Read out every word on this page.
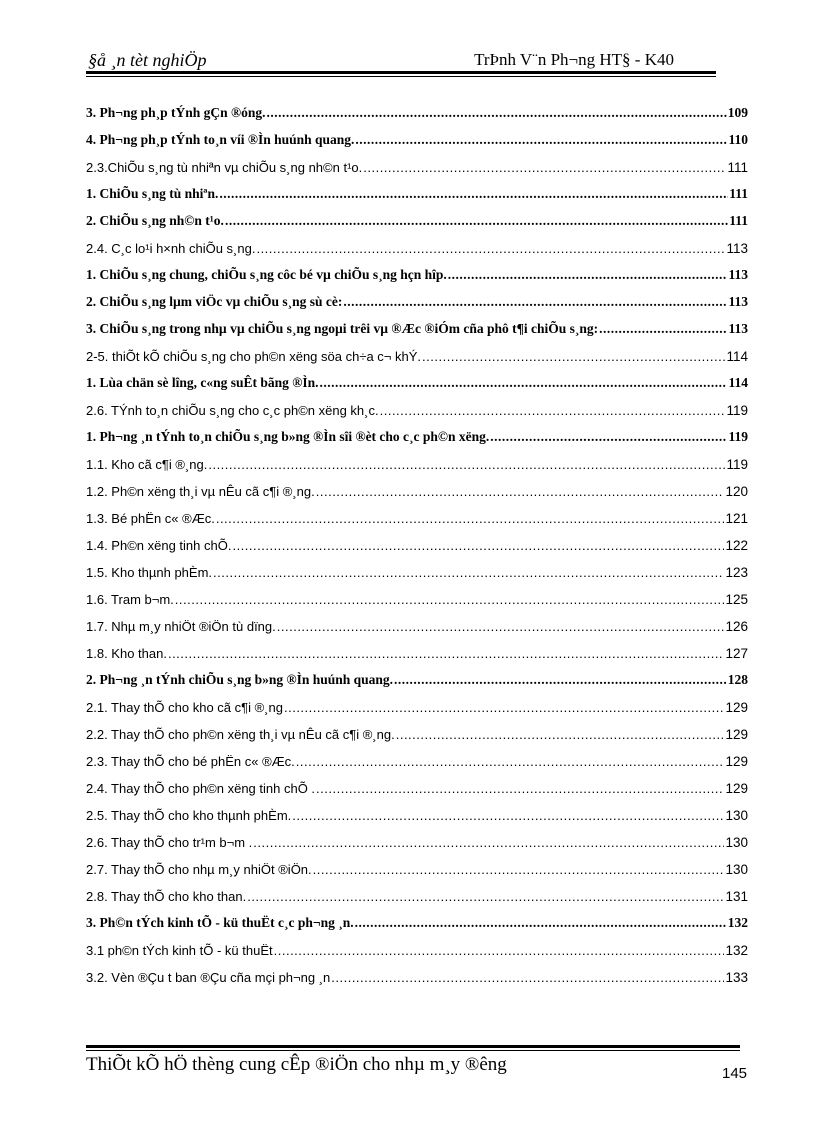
§å ¸n tèt nghiÖp	TrÞnh V¨n Ph¬ng HT§ - K40
3. Ph¬ng ph¸p tÝnh gÇn ®óng. .....	109
4. Ph¬ng ph¸p tÝnh to¸n víi ®Ìn huúnh quang. .....	110
2.3.ChiÕu s¸ng tù nhiªn vµ chiÕu s¸ng nh©n t¹o. .....	111
1. ChiÕu s¸ng tù nhiªn. .....	111
2. ChiÕu s¸ng nh©n t¹o. .....	111
2.4. C¸c lo¹i h×nh chiÕu s¸ng. .....	113
1. ChiÕu s¸ng chung, chiÕu s¸ng côc bé vµ chiÕu s¸ng hçn hîp. .....	113
2. ChiÕu s¸ng lµm viÖc vµ chiÕu s¸ng sù cè: .....	113
3. ChiÕu s¸ng trong nhµ vµ chiÕu s¸ng ngoµi trêi vµ ®Æc ®iÓm cña phô t¶i chiÕu s¸ng: .....	113
2-5. thiÕt kÕ chiÕu s¸ng cho ph©n xëng söa ch÷a c¬ khÝ. .....	114
1. Lùa chän sè lîng, c«ng suÊt bãng ®Ìn. .....	114
2.6. TÝnh to¸n chiÕu s¸ng cho c¸c ph©n xëng kh¸c. .....	119
1. Ph¬ng ¸n tÝnh to¸n chiÕu s¸ng b»ng ®Ìn sîi ®èt cho c¸c ph©n xëng. .....	119
1.1. Kho cã c¶i ®¸ng. .....	119
1.2. Ph©n xëng th¸i vµ nÊu cã c¶i ®¸ng. .....	120
1.3. Bé phËn c« ®Æc. .....	121
1.4. Ph©n xëng tinh chÕ. .....	122
1.5. Kho thµnh phÈm. .....	123
1.6. Tram b¬m. .....	125
1.7. Nhµ m¸y nhiÖt ®iÖn tù dïng. .....	126
1.8. Kho than. .....	127
2. Ph¬ng ¸n tÝnh chiÕu s¸ng b»ng ®Ìn huúnh quang. .....	128
2.1. Thay thÕ cho kho cã c¶i ®¸ng .....	129
2.2. Thay thÕ cho ph©n xëng th¸i vµ nÊu cã c¶i ®¸ng. .....	129
2.3. Thay thÕ cho bé phËn c« ®Æc. .....	129
2.4. Thay thÕ cho ph©n xëng tinh chÕ . .....	129
2.5. Thay thÕ cho kho thµnh phÈm. .....	130
2.6. Thay thÕ cho tr¹m b¬m . .....	130
2.7. Thay thÕ cho nhµ m¸y nhiÖt ®iÖn. .....	130
2.8. Thay thÕ cho kho than. .....	131
3. Ph©n tÝch kinh tÕ - kü thuËt c¸c ph¬ng ¸n. .....	132
3.1 ph©n tÝch kinh tÕ - kü thuËt .....	132
3.2. Vèn ®Çu t ban ®Çu cña mçi ph¬ng ¸n .....	133
ThiÕt kÕ hÖ thèng cung cÊp ®iÖn cho nhµ m¸y ®êng	145
